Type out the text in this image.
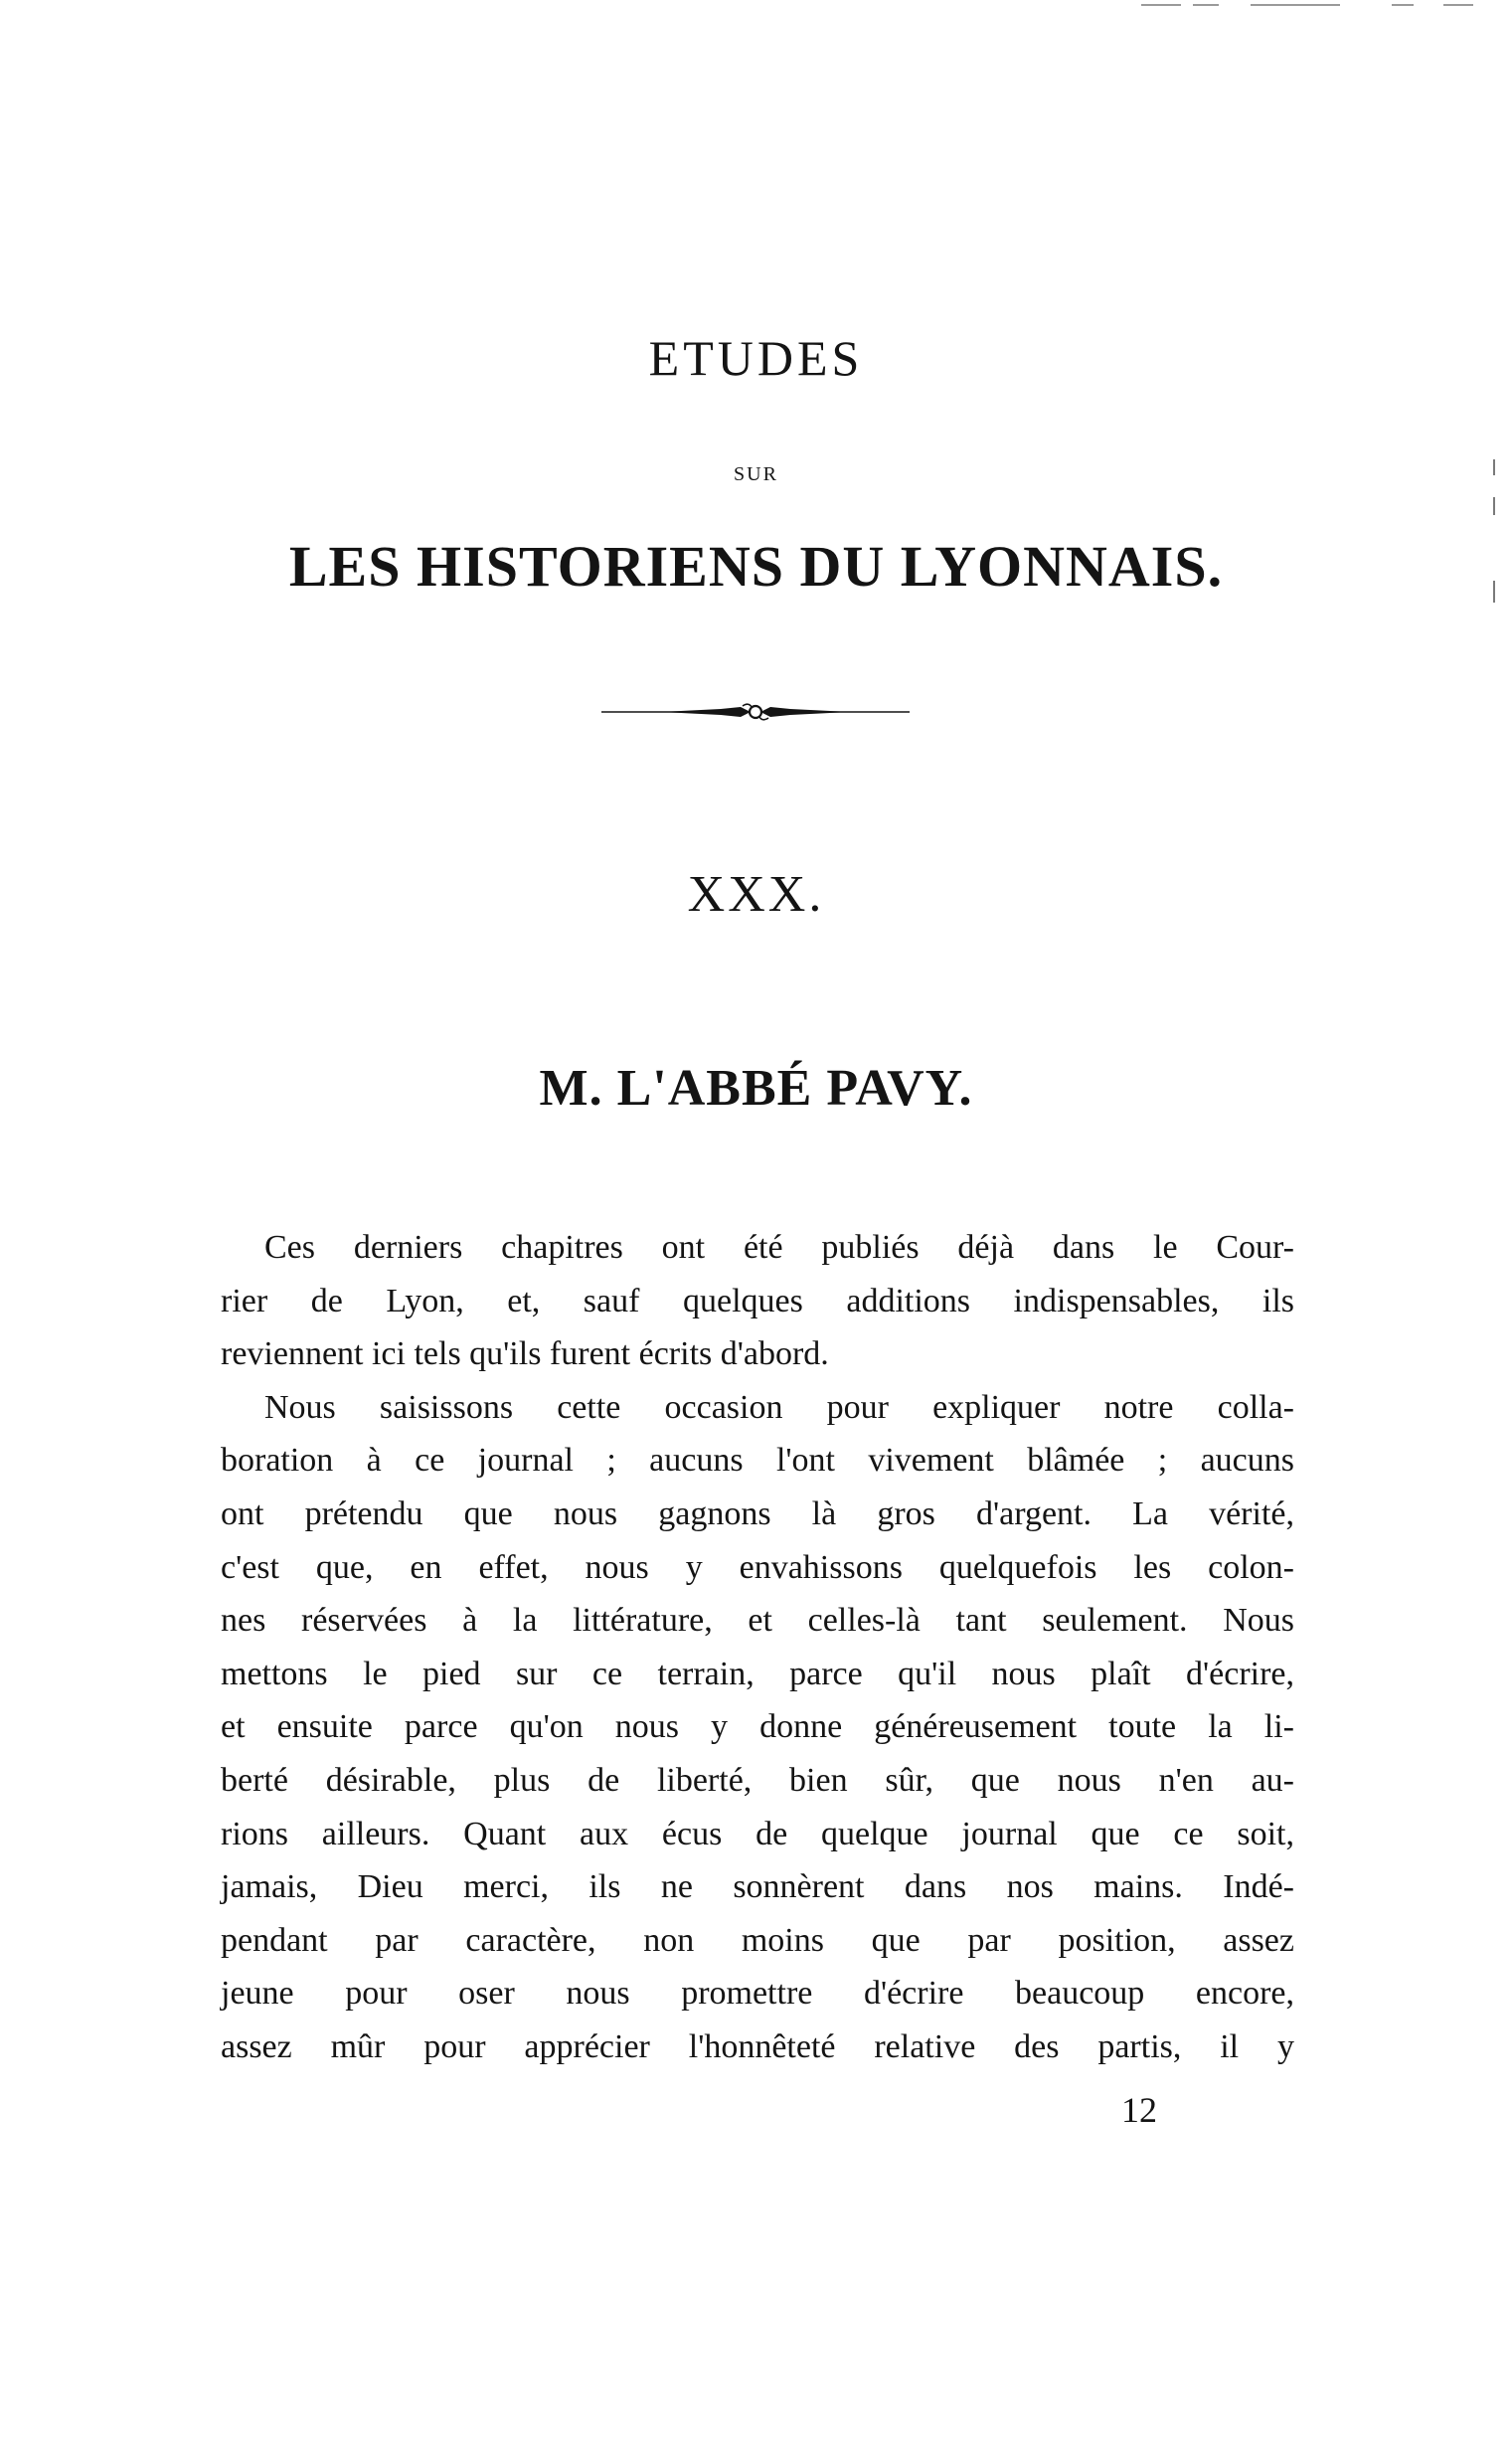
ETUDES
SUR
LES HISTORIENS DU LYONNAIS.
XXX.
M. L'ABBÉ PAVY.

Ces derniers chapitres ont été publiés déjà dans le Cour-
rier de Lyon, et, sauf quelques additions indispensables, ils
reviennent ici tels qu'ils furent écrits d'abord.
Nous saisissons cette occasion pour expliquer notre colla-
boration à ce journal ; aucuns l'ont vivement blâmée ; aucuns
ont prétendu que nous gagnons là gros d'argent. La vérité,
c'est que, en effet, nous y envahissons quelquefois les colon-
nes réservées à la littérature, et celles-là tant seulement. Nous
mettons le pied sur ce terrain, parce qu'il nous plaît d'écrire,
et ensuite parce qu'on nous y donne généreusement toute la li-
berté désirable, plus de liberté, bien sûr, que nous n'en au-
rions ailleurs. Quant aux écus de quelque journal que ce soit,
jamais, Dieu merci, ils ne sonnèrent dans nos mains. Indé-
pendant par caractère, non moins que par position, assez
jeune pour oser nous promettre d'écrire beaucoup encore,
assez mûr pour apprécier l'honnêteté relative des partis, il y

12
